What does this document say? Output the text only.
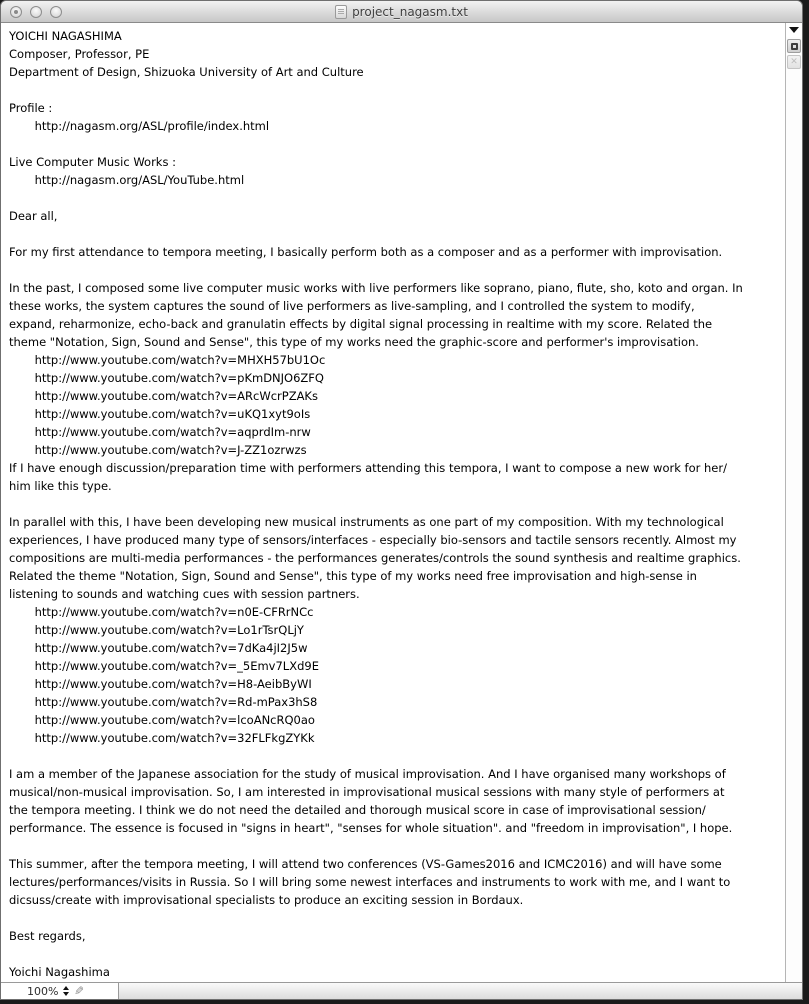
project_nagasm.txt
YOICHI NAGASHIMA
Composer, Professor, PE
Department of Design, Shizuoka University of Art and Culture
Profile :
	http://nagasm.org/ASL/profile/index.html
Live Computer Music Works :
	http://nagasm.org/ASL/YouTube.html
Dear all,
For my first attendance to tempora meeting, I basically perform both as a composer and as a performer with improvisation.
In the past, I composed some live computer music works with live performers like soprano, piano, flute, sho, koto and organ. In
these works, the system captures the sound of live performers as live-sampling, and I controlled the system to modify,
expand, reharmonize, echo-back and granulatin effects by digital signal processing in realtime with my score. Related the
theme "Notation, Sign, Sound and Sense", this type of my works need the graphic-score and performer's improvisation.
	http://www.youtube.com/watch?v=MHXH57bU1Oc
	http://www.youtube.com/watch?v=pKmDNJO6ZFQ
	http://www.youtube.com/watch?v=ARcWcrPZAKs
	http://www.youtube.com/watch?v=uKQ1xyt9oIs
	http://www.youtube.com/watch?v=aqprdIm-nrw
	http://www.youtube.com/watch?v=J-ZZ1ozrwzs
If I have enough discussion/preparation time with performers attending this tempora, I want to compose a new work for her/
him like this type.
In parallel with this, I have been developing new musical instruments as one part of my composition. With my technological
experiences, I have produced many type of sensors/interfaces - especially bio-sensors and tactile sensors recently. Almost my
compositions are multi-media performances - the performances generates/controls the sound synthesis and realtime graphics.
Related the theme "Notation, Sign, Sound and Sense", this type of my works need free improvisation and high-sense in
listening to sounds and watching cues with session partners.
	http://www.youtube.com/watch?v=n0E-CFRrNCc
	http://www.youtube.com/watch?v=Lo1rTsrQLjY
	http://www.youtube.com/watch?v=7dKa4jI2J5w
	http://www.youtube.com/watch?v=_5Emv7LXd9E
	http://www.youtube.com/watch?v=H8-AeibByWI
	http://www.youtube.com/watch?v=Rd-mPax3hS8
	http://www.youtube.com/watch?v=lcoANcRQ0ao
	http://www.youtube.com/watch?v=32FLFkgZYKk
I am a member of the Japanese association for the study of musical improvisation. And I have organised many workshops of
musical/non-musical improvisation. So, I am interested in improvisational musical sessions with many style of performers at
the tempora meeting. I think we do not need the detailed and thorough musical score in case of improvisational session/
performance. The essence is focused in "signs in heart", "senses for whole situation". and "freedom in improvisation", I hope.
This summer, after the tempora meeting, I will attend two conferences (VS-Games2016 and ICMC2016) and will have some
lectures/performances/visits in Russia. So I will bring some newest interfaces and instruments to work with me, and I want to
dicsuss/create with improvisational specialists to produce an exciting session in Bordaux.
Best regards,
Yoichi Nagashima
✕
100% ✎
